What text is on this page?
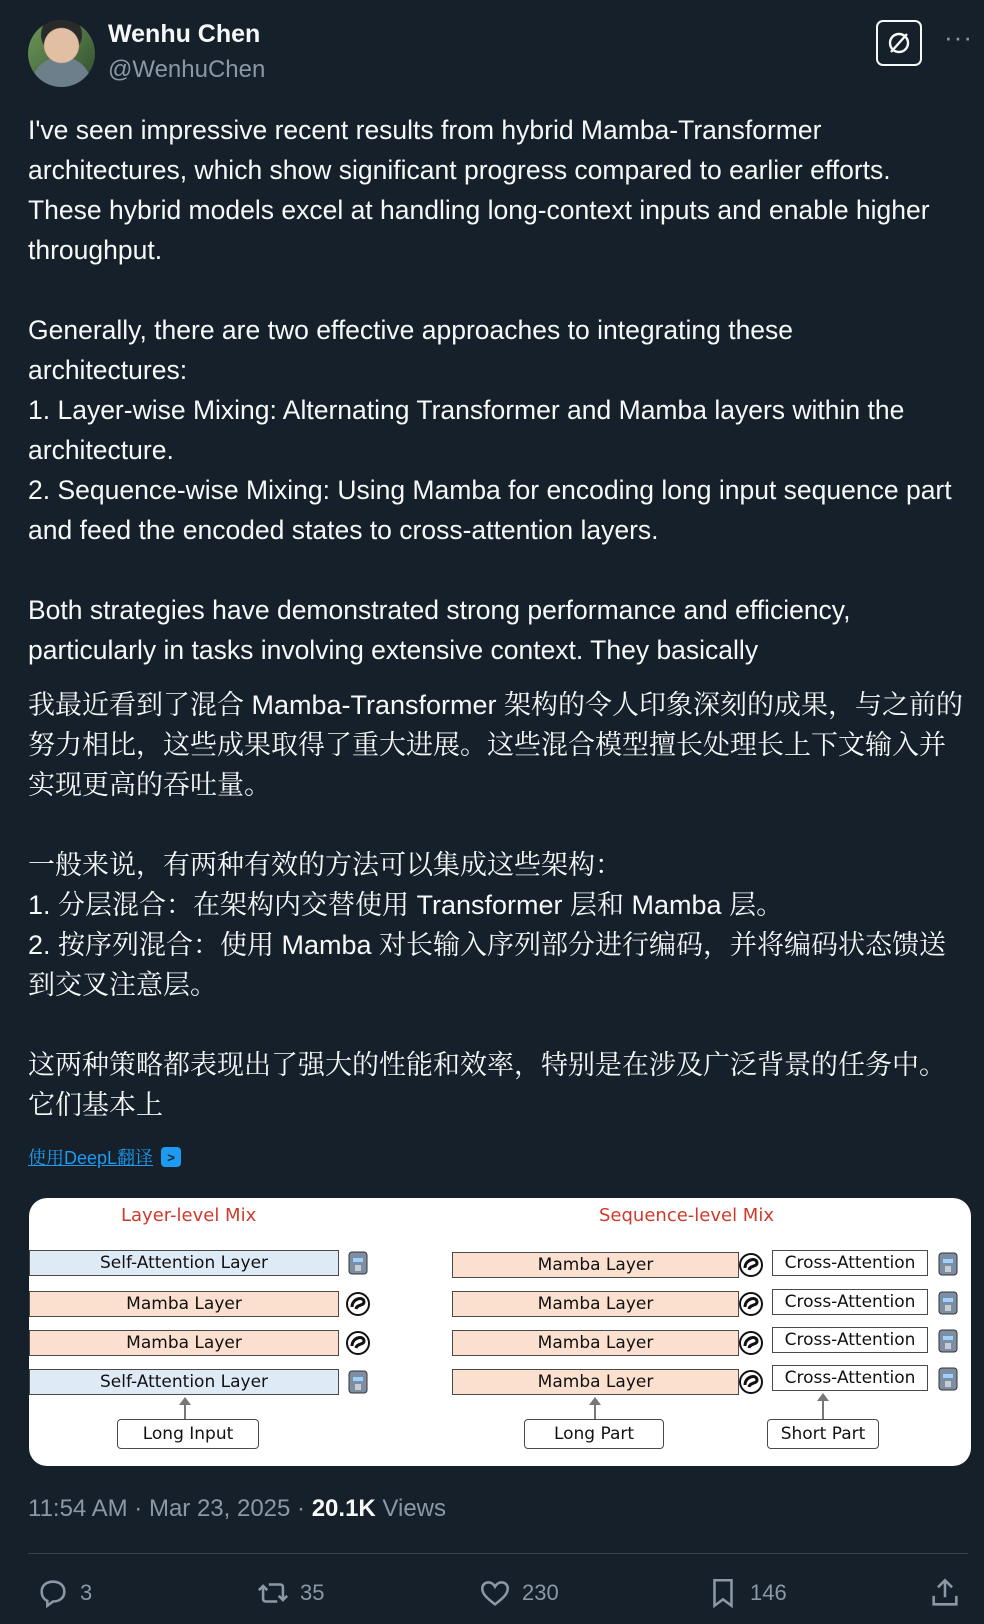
Wenhu Chen
@WenhuChen
···
I've seen impressive recent results from hybrid Mamba-Transformer architectures, which show significant progress compared to earlier efforts. These hybrid models excel at handling long-context inputs and enable higher throughput.

Generally, there are two effective approaches to integrating these architectures:
1. Layer-wise Mixing: Alternating Transformer and Mamba layers within the architecture.
2. Sequence-wise Mixing: Using Mamba for encoding long input sequence part and feed the encoded states to cross-attention layers.

Both strategies have demonstrated strong performance and efficiency, particularly in tasks involving extensive context. They basically
我最近看到了混合 Mamba-Transformer 架构的令人印象深刻的成果，与之前的努力相比，这些成果取得了重大进展。这些混合模型擅长处理长上下文输入并实现更高的吞吐量。

一般来说，有两种有效的方法可以集成这些架构：
1. 分层混合：在架构内交替使用 Transformer 层和 Mamba 层。
2. 按序列混合：使用 Mamba 对长输入序列部分进行编码，并将编码状态馈送到交叉注意层。

这两种策略都表现出了强大的性能和效率，特别是在涉及广泛背景的任务中。它们基本上
使用DeepL翻译	>
Layer-level Mix	Sequence-level Mix
Self-Attention Layer
Mamba Layer
Mamba Layer
Self-Attention Layer
Long Input
Mamba Layer
Mamba Layer
Mamba Layer
Mamba Layer
Cross-Attention
Cross-Attention
Cross-Attention
Cross-Attention
Long Part	Short Part
11:54 AM · Mar 23, 2025 · 20.1K Views
3	35	230	146
